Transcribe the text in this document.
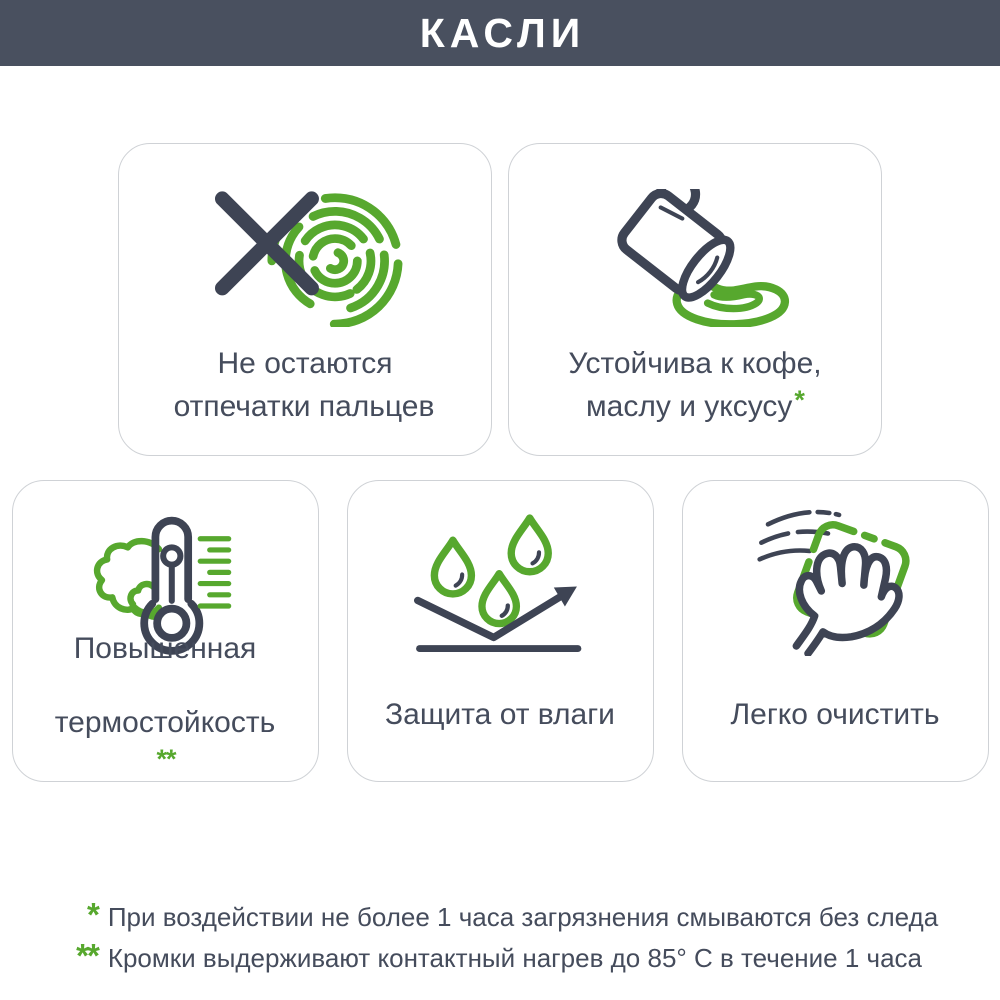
КАСЛИ
Не остаются
отпечатки пальцев
Устойчива к кофе,
маслу и уксусу*
Повышенная

термостойкость
**
Защита от влаги	Легко очистить
* При воздействии не более 1 часа загрязнения смываются без следа
** Кромки выдерживают контактный нагрев до 85° C в течение 1 часа
